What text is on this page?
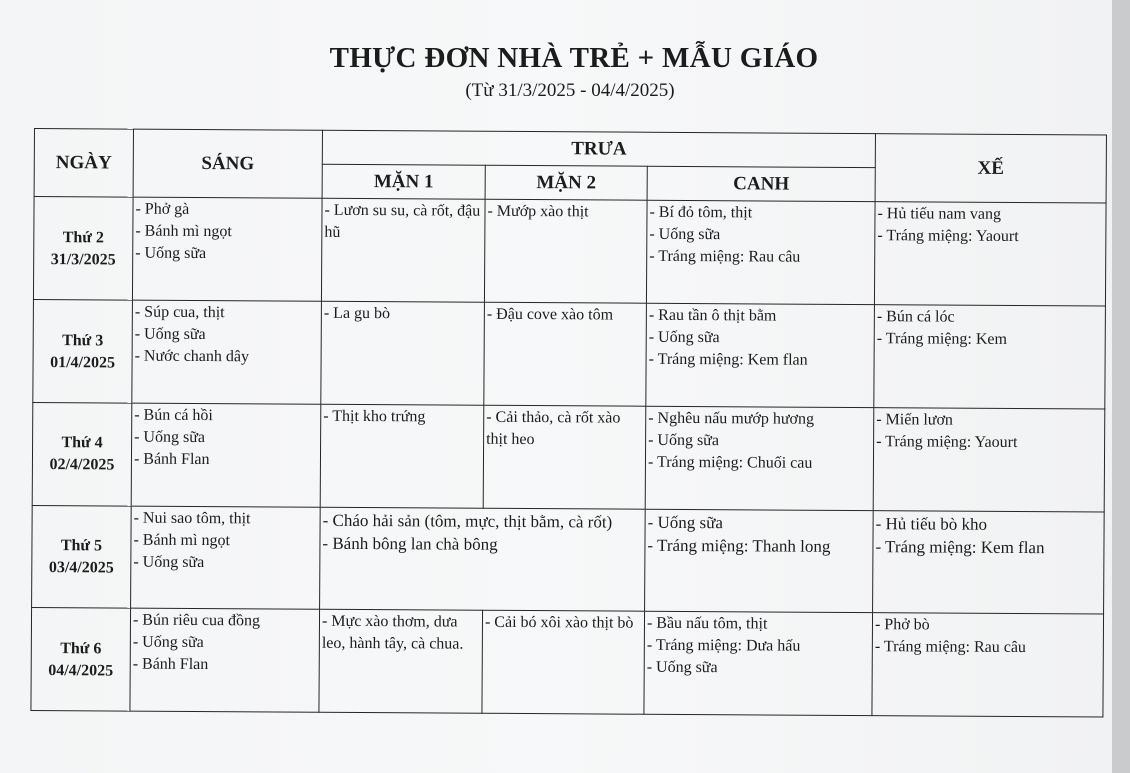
THỰC ĐƠN NHÀ TRẺ + MẪU GIÁO
(Từ 31/3/2025 - 04/4/2025)
NGÀY	SÁNG	TRƯA			XẾ
		MẶN 1	MẶN 2	CANH	

Thứ 2
31/3/2025	- Phở gà
- Bánh mì ngọt
- Uống sữa	- Lươn su su, cà rốt, đậu hũ	- Mướp xào thịt	- Bí đỏ tôm, thịt
- Uống sữa
- Tráng miệng: Rau câu	- Hủ tiếu nam vang
- Tráng miệng: Yaourt

Thứ 3
01/4/2025	- Súp cua, thịt
- Uống sữa
- Nước chanh dây	- La gu bò	- Đậu cove xào tôm	- Rau tần ô thịt bằm
- Uống sữa
- Tráng miệng: Kem flan	- Bún cá lóc
- Tráng miệng: Kem

Thứ 4
02/4/2025	- Bún cá hồi
- Uống sữa
- Bánh Flan	- Thịt kho trứng	- Cải thảo, cà rốt xào thịt heo	- Nghêu nấu mướp hương
- Uống sữa
- Tráng miệng: Chuối cau	- Miến lươn
- Tráng miệng: Yaourt

Thứ 5
03/4/2025	- Nui sao tôm, thịt
- Bánh mì ngọt
- Uống sữa	- Cháo hải sản (tôm, mực, thịt bằm, cà rốt)
- Bánh bông lan chà bông		- Uống sữa
- Tráng miệng: Thanh long	- Hủ tiếu bò kho
- Tráng miệng: Kem flan

Thứ 6
04/4/2025	- Bún riêu cua đồng
- Uống sữa
- Bánh Flan	- Mực xào thơm, dưa leo, hành tây, cà chua.	- Cải bó xôi xào thịt bò	- Bầu nấu tôm, thịt
- Tráng miệng: Dưa hấu
- Uống sữa	- Phở bò
- Tráng miệng: Rau câu
